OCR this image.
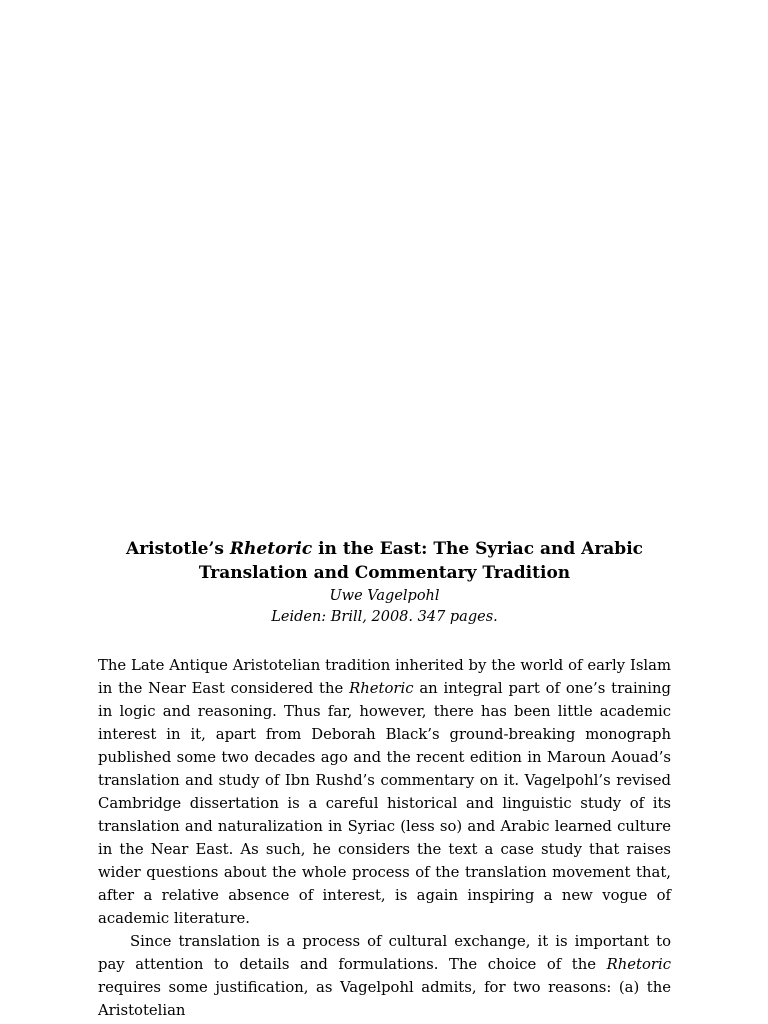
Aristotle’s Rhetoric in the East: The Syriac and Arabic Translation and Commentary Tradition
Uwe Vagelpohl
Leiden: Brill, 2008. 347 pages.

The Late Antique Aristotelian tradition inherited by the world of early Islam in the Near East considered the Rhetoric an integral part of one’s training in logic and reasoning. Thus far, however, there has been little academic interest in it, apart from Deborah Black’s ground-breaking monograph published some two decades ago and the recent edition in Maroun Aouad’s translation and study of Ibn Rushd’s commentary on it. Vagelpohl’s revised Cambridge dissertation is a careful historical and linguistic study of its translation and naturalization in Syriac (less so) and Arabic learned culture in the Near East. As such, he considers the text a case study that raises wider questions about the whole process of the translation movement that, after a relative absence of interest, is again inspiring a new vogue of academic literature.

Since translation is a process of cultural exchange, it is important to pay attention to details and formulations. The choice of the Rhetoric requires some justification, as Vagelpohl admits, for two reasons: (a) the Aristotelian
